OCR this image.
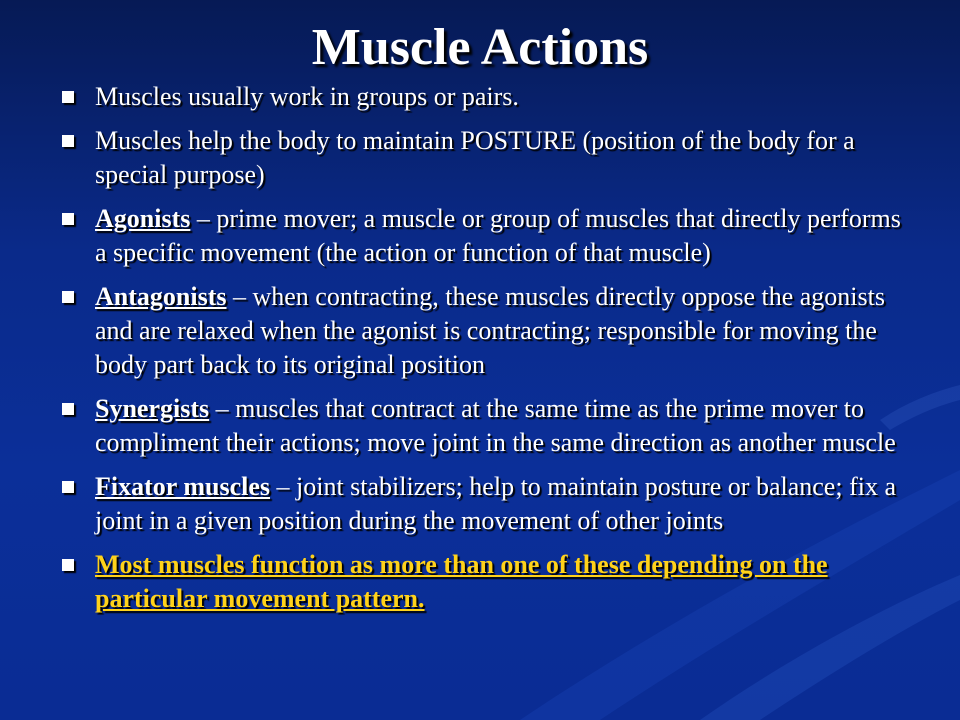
Muscle Actions
Muscles usually work in groups or pairs.
Muscles help the body to maintain POSTURE (position of the body for a special purpose)
Agonists – prime mover; a muscle or group of muscles that directly performs a specific movement (the action or function of that muscle)
Antagonists – when contracting, these muscles directly oppose the agonists and are relaxed when the agonist is contracting; responsible for moving the body part back to its original position
Synergists – muscles that contract at the same time as the prime mover to compliment their actions; move joint in the same direction as another muscle
Fixator muscles – joint stabilizers; help to maintain posture or balance; fix a joint in a given position during the movement of other joints
Most muscles function as more than one of these depending on the particular movement pattern.
